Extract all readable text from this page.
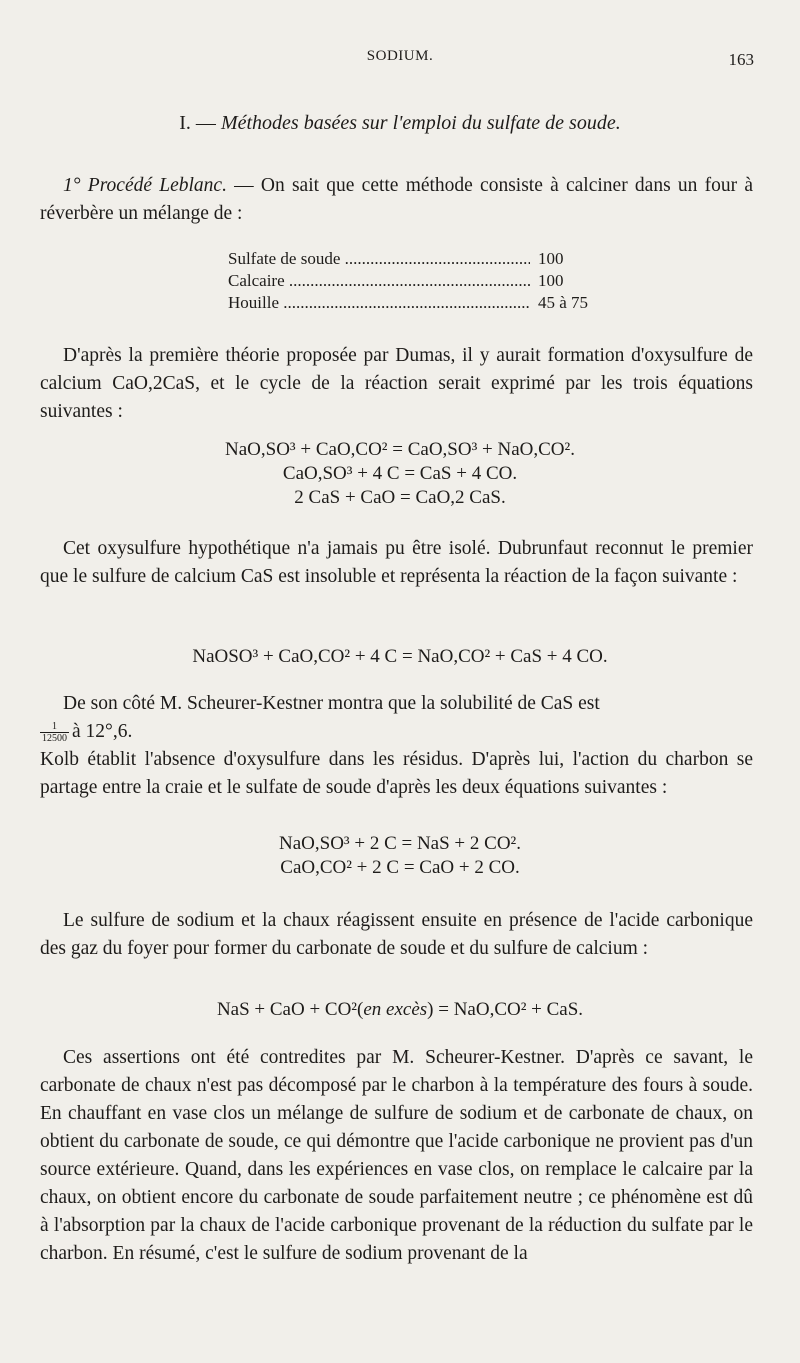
SODIUM.	163
I. — Méthodes basées sur l'emploi du sulfate de soude.
1° Procédé Leblanc. — On sait que cette méthode consiste à calciner dans un four à réverbère un mélange de :
Sulfate de soude .....	100
Calcaire .....	100
Houille .....	45 à 75
D'après la première théorie proposée par Dumas, il y aurait formation d'oxysulfure de calcium CaO,2CaS, et le cycle de la réaction serait exprimé par les trois équations suivantes :
NaO,SO³ + CaO,CO² = CaO,SO³ + NaO,CO².
CaO,SO³ + 4 C = CaS + 4 CO.
2 CaS + CaO = CaO,2 CaS.
Cet oxysulfure hypothétique n'a jamais pu être isolé. Dubrunfaut reconnut le premier que le sulfure de calcium CaS est insoluble et représenta la réaction de la façon suivante :
NaOSO³ + CaO,CO² + 4 C = NaO,CO² + CaS + 4 CO.
De son côté M. Scheurer-Kestner montra que la solubilité de CaS est
$\frac{1}{12500}$ à 12°,6.
Kolb établit l'absence d'oxysulfure dans les résidus. D'après lui, l'action du charbon se partage entre la craie et le sulfate de soude d'après les deux équations suivantes :
NaO,SO³ + 2 C = NaS + 2 CO².
CaO,CO² + 2 C = CaO + 2 CO.
Le sulfure de sodium et la chaux réagissent ensuite en présence de l'acide carbonique des gaz du foyer pour former du carbonate de soude et du sulfure de calcium :
NaS + CaO + CO²(en excès) = NaO,CO² + CaS.
Ces assertions ont été contredites par M. Scheurer-Kestner. D'après ce savant, le carbonate de chaux n'est pas décomposé par le charbon à la température des fours à soude. En chauffant en vase clos un mélange de sulfure de sodium et de carbonate de chaux, on obtient du carbonate de soude, ce qui démontre que l'acide carbonique ne provient pas d'un source extérieure. Quand, dans les expériences en vase clos, on remplace le calcaire par la chaux, on obtient encore du carbonate de soude parfaitement neutre ; ce phénomène est dû à l'absorption par la chaux de l'acide carbonique provenant de la réduction du sulfate par le charbon. En résumé, c'est le sulfure de sodium provenant de la
